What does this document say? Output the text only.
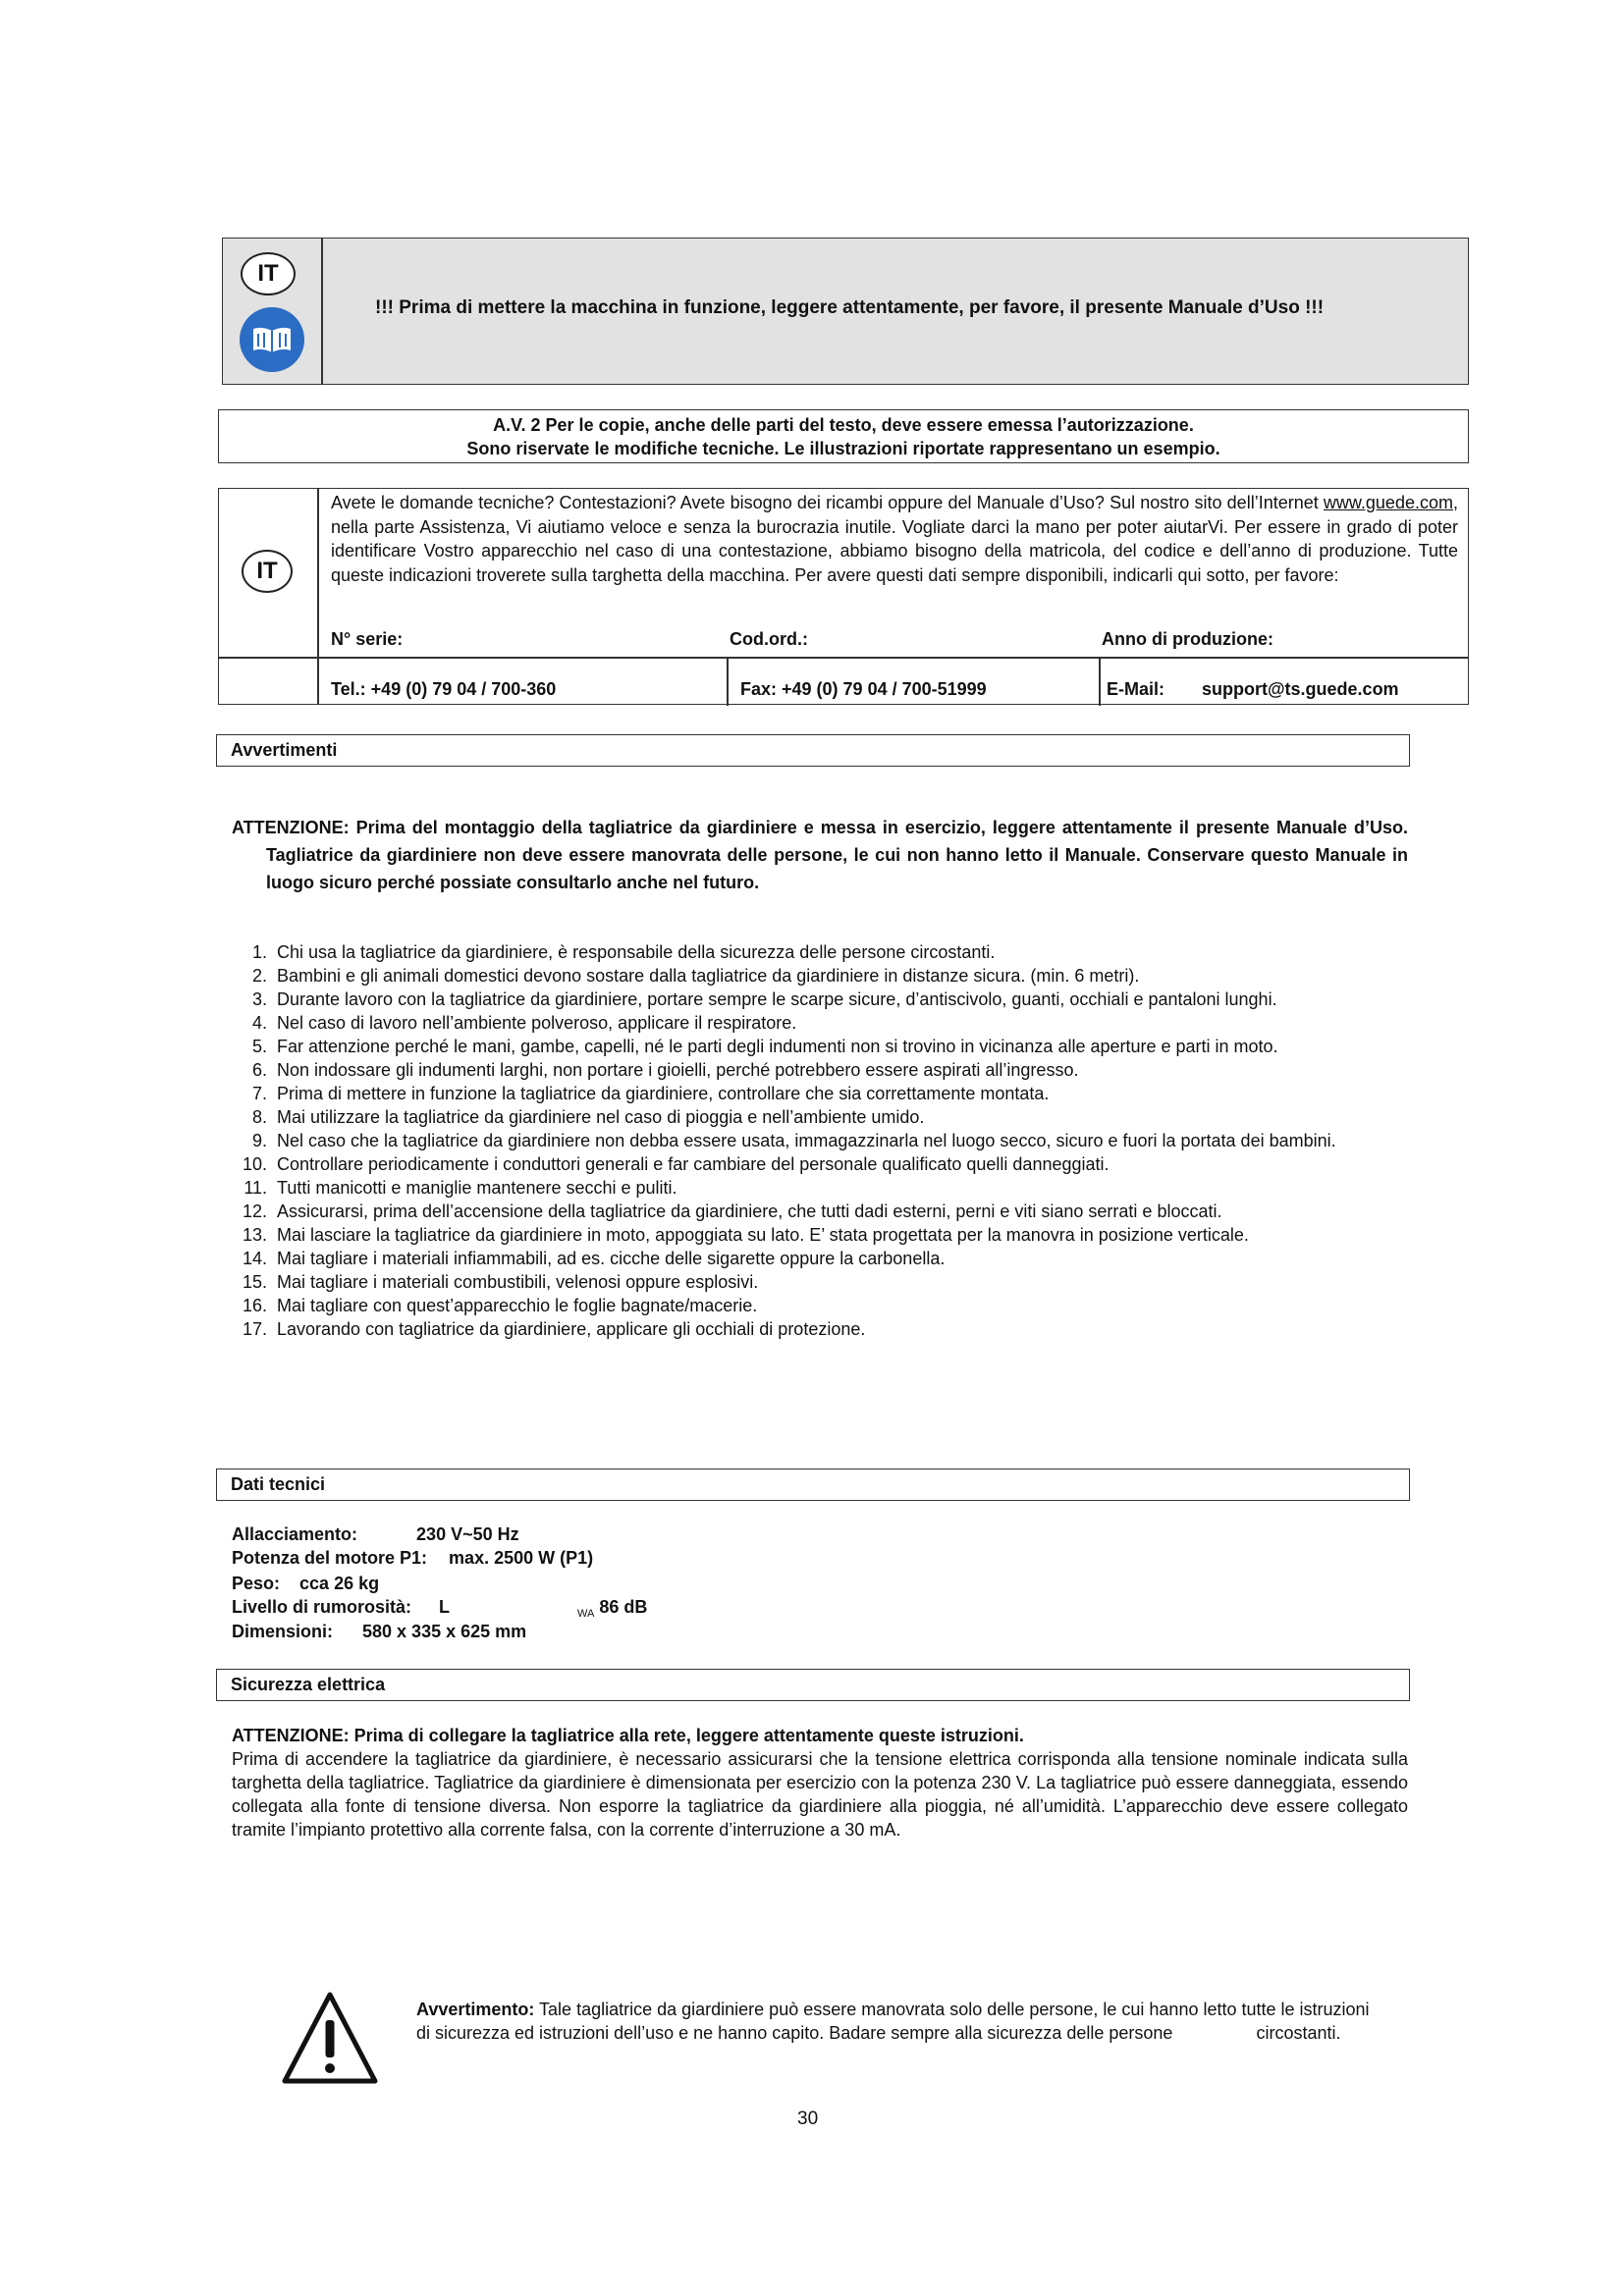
IT
!!! Prima di mettere la macchina in funzione, leggere attentamente, per favore, il presente Manuale d’Uso !!!
A.V. 2 Per le copie, anche delle parti del testo, deve essere emessa l’autorizzazione.
Sono riservate le modifiche tecniche. Le illustrazioni riportate rappresentano un esempio.
IT
Avete le domande tecniche? Contestazioni? Avete bisogno dei ricambi oppure del Manuale d’Uso? Sul nostro sito dell’Internet www.guede.com, nella parte Assistenza, Vi aiutiamo veloce e senza la burocrazia inutile. Vogliate darci la mano per poter aiutarVi. Per essere in grado di poter identificare Vostro apparecchio nel caso di una contestazione, abbiamo bisogno della matricola, del codice e dell’anno di produzione. Tutte queste indicazioni troverete sulla targhetta della macchina. Per avere questi dati sempre disponibili, indicarli qui sotto, per favore:
N° serie:	Cod.ord.:	Anno di produzione:
Tel.: +49 (0) 79 04 / 700-360	Fax: +49 (0) 79 04 / 700-51999	E-Mail: support@ts.guede.com
Avvertimenti
ATTENZIONE: Prima del montaggio della tagliatrice da giardiniere e messa in esercizio, leggere attentamente il presente Manuale d’Uso. Tagliatrice da giardiniere non deve essere manovrata delle persone, le cui non hanno letto il Manuale. Conservare questo Manuale in luogo sicuro perché possiate consultarlo anche nel futuro.
1. Chi usa la tagliatrice da giardiniere, è responsabile della sicurezza delle persone circostanti.
2. Bambini e gli animali domestici devono sostare dalla tagliatrice da giardiniere in distanze sicura. (min. 6 metri).
3. Durante lavoro con la tagliatrice da giardiniere, portare sempre le scarpe sicure, d’antiscivolo, guanti, occhiali e pantaloni lunghi.
4. Nel caso di lavoro nell’ambiente polveroso, applicare il respiratore.
5. Far attenzione perché le mani, gambe, capelli, né le parti degli indumenti non si trovino in vicinanza alle aperture e parti in moto.
6. Non indossare gli indumenti larghi, non portare i gioielli, perché potrebbero essere aspirati all’ingresso.
7. Prima di mettere in funzione la tagliatrice da giardiniere, controllare che sia correttamente montata.
8. Mai utilizzare la tagliatrice da giardiniere nel caso di pioggia e nell’ambiente umido.
9. Nel caso che la tagliatrice da giardiniere non debba essere usata, immagazzinarla nel luogo secco, sicuro e fuori la portata dei bambini.
10. Controllare periodicamente i conduttori generali e far cambiare del personale qualificato quelli danneggiati.
11. Tutti manicotti e maniglie mantenere secchi e puliti.
12. Assicurarsi, prima dell’accensione della tagliatrice da giardiniere, che tutti dadi esterni, perni e viti siano serrati e bloccati.
13. Mai lasciare la tagliatrice da giardiniere in moto, appoggiata su lato. E’ stata progettata per la manovra in posizione verticale.
14. Mai tagliare i materiali infiammabili, ad es. cicche delle sigarette oppure la carbonella.
15. Mai tagliare i materiali combustibili, velenosi oppure esplosivi.
16. Mai tagliare con quest’apparecchio le foglie bagnate/macerie.
17. Lavorando con tagliatrice da giardiniere, applicare gli occhiali di protezione.
Dati tecnici
Allacciamento:	230 V~50 Hz
Potenza del motore P1: max. 2500 W (P1)
Peso: cca 26 kg
Livello di rumorosità: L	$_{WA}$ 86 dB
Dimensioni: 580 x 335 x 625 mm
Sicurezza elettrica
ATTENZIONE: Prima di collegare la tagliatrice alla rete, leggere attentamente queste istruzioni.
Prima di accendere la tagliatrice da giardiniere, è necessario assicurarsi che la tensione elettrica corrisponda alla tensione nominale indicata sulla targhetta della tagliatrice. Tagliatrice da giardiniere è dimensionata per esercizio con la potenza 230 V. La tagliatrice può essere danneggiata, essendo collegata alla fonte di tensione diversa. Non esporre la tagliatrice da giardiniere alla pioggia, né all’umidità. L’apparecchio deve essere collegato tramite l’impianto protettivo alla corrente falsa, con la corrente d’interruzione a 30 mA.
Avvertimento: Tale tagliatrice da giardiniere può essere manovrata solo delle persone, le cui hanno letto tutte le istruzioni di sicurezza ed istruzioni dell’uso e ne hanno capito. Badare sempre alla sicurezza delle persone	circostanti.
30
